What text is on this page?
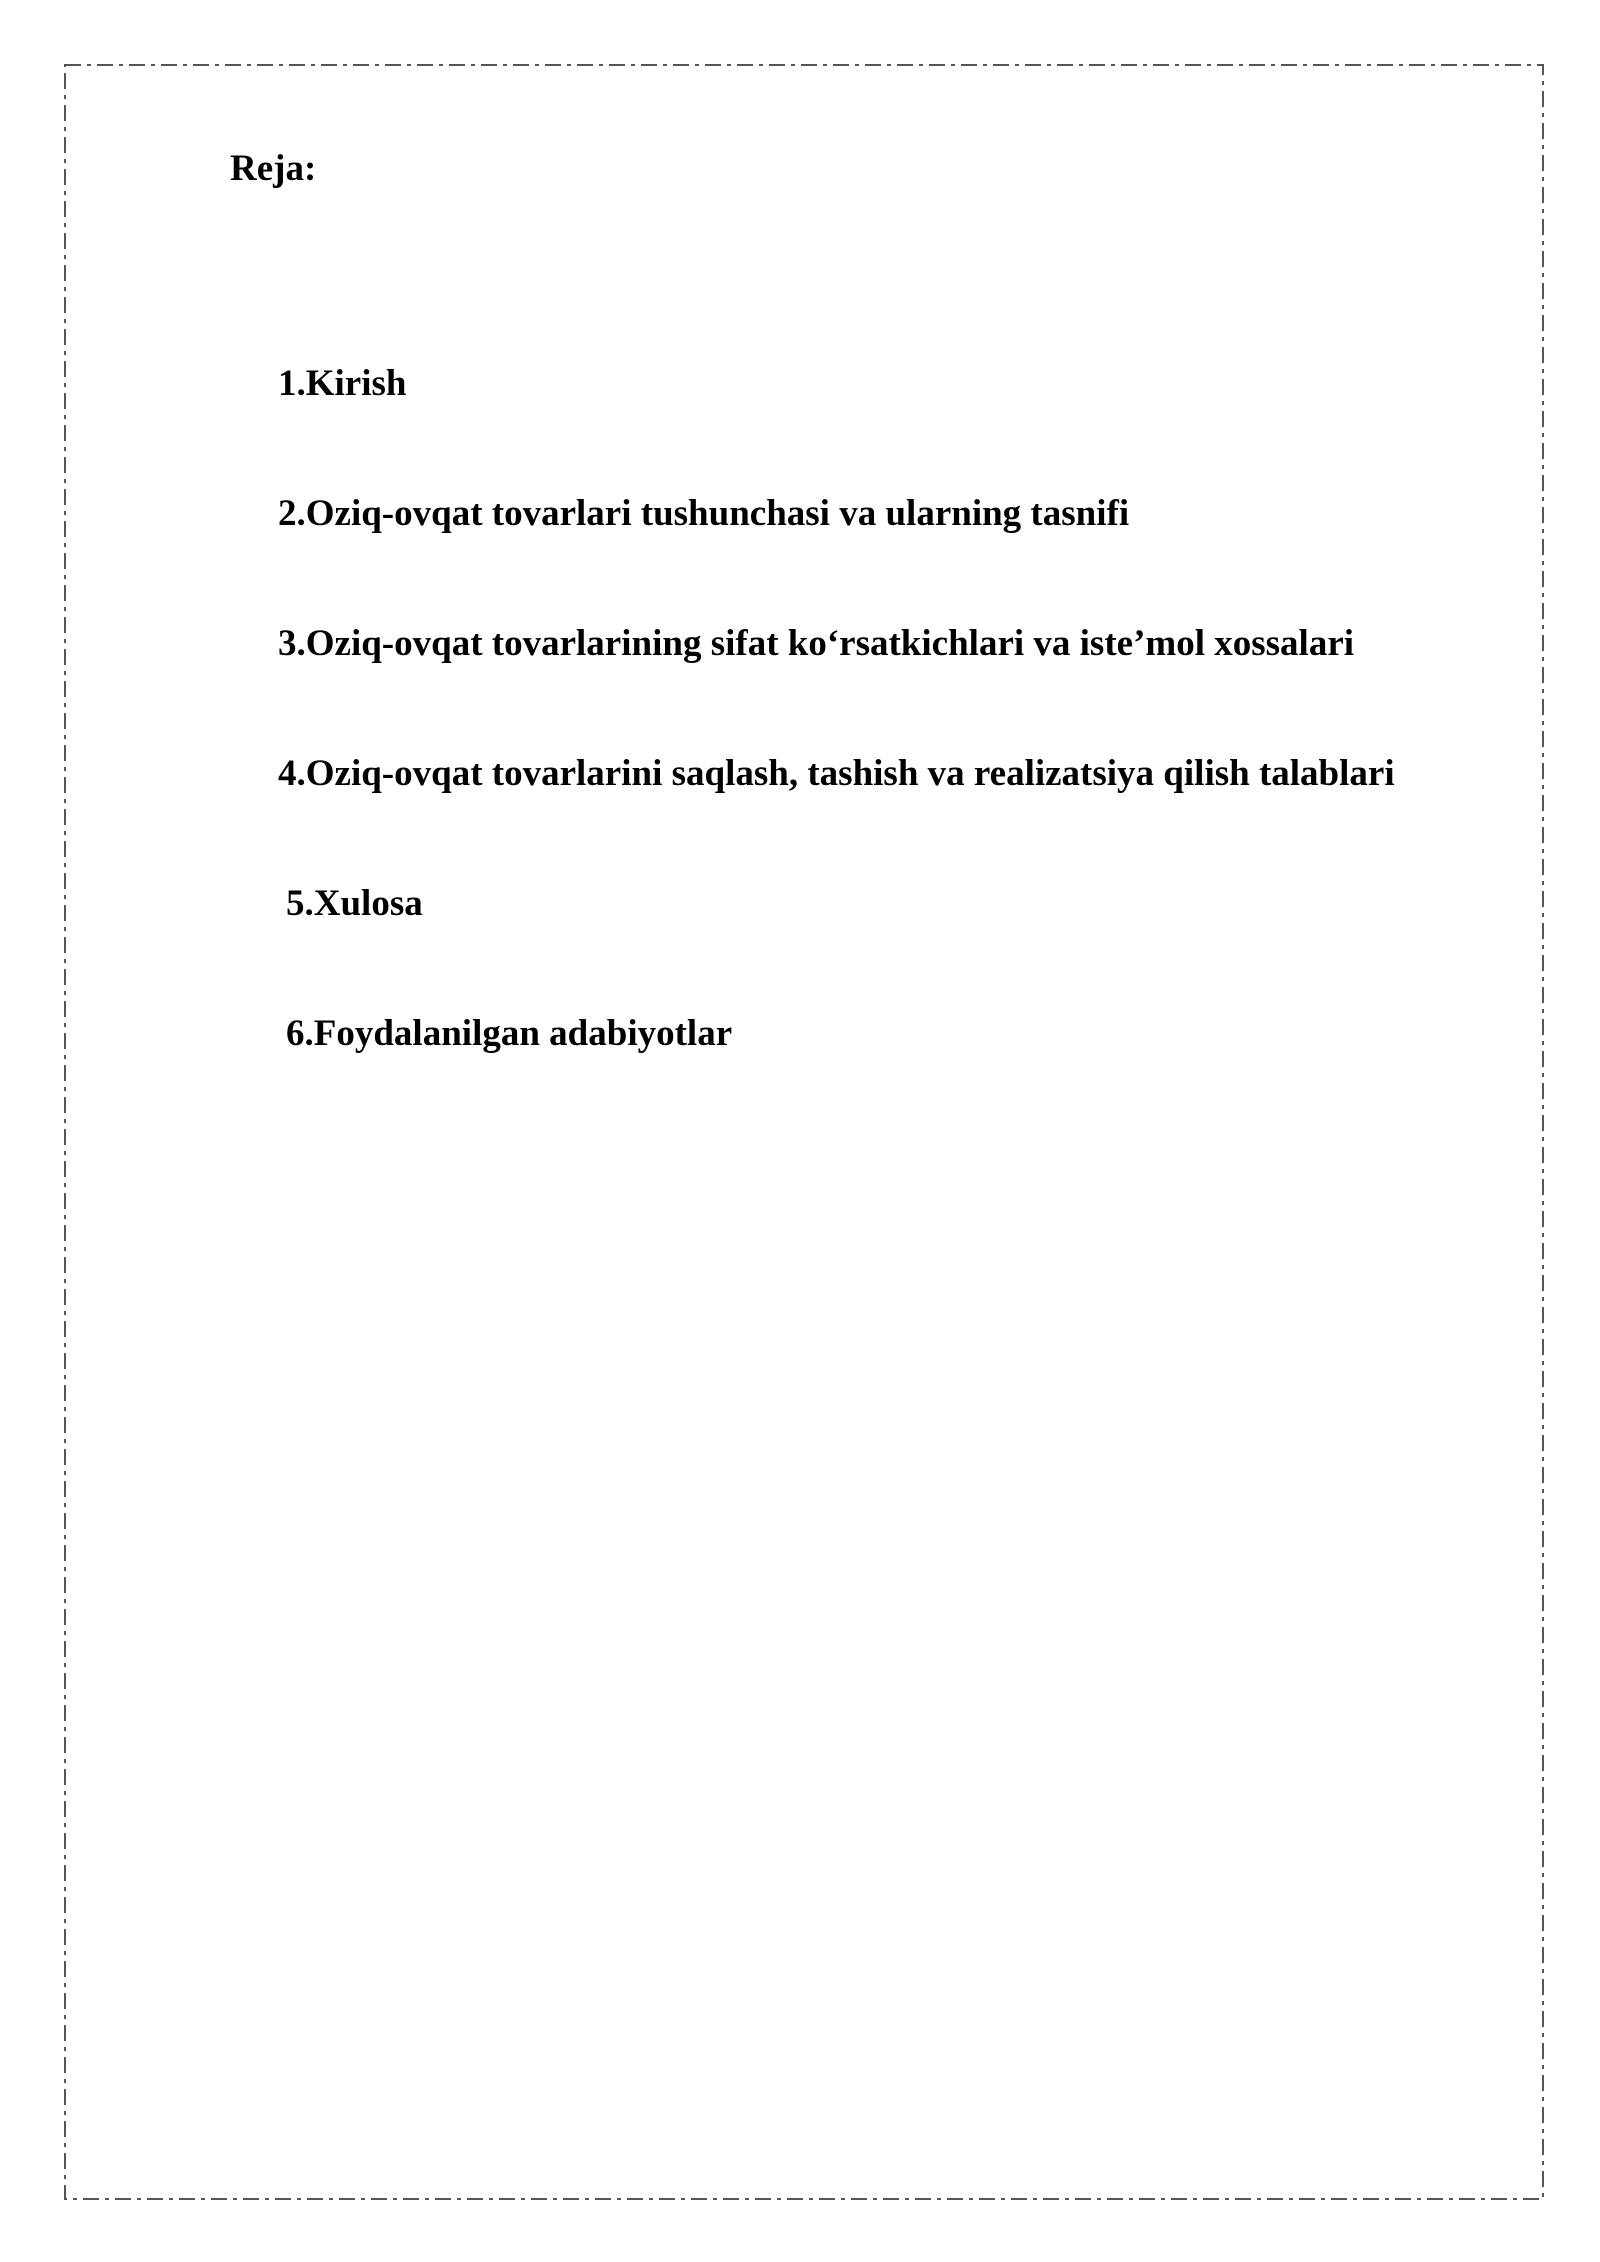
Reja:
1.Kirish
2.Oziq-ovqat tovarlari tushunchasi va ularning tasnifi
3.Oziq-ovqat tovarlarining sifat ko‘rsatkichlari va iste’mol xossalari
4.Oziq-ovqat tovarlarini saqlash, tashish va realizatsiya qilish talablari
5.Xulosa
6.Foydalanilgan adabiyotlar
